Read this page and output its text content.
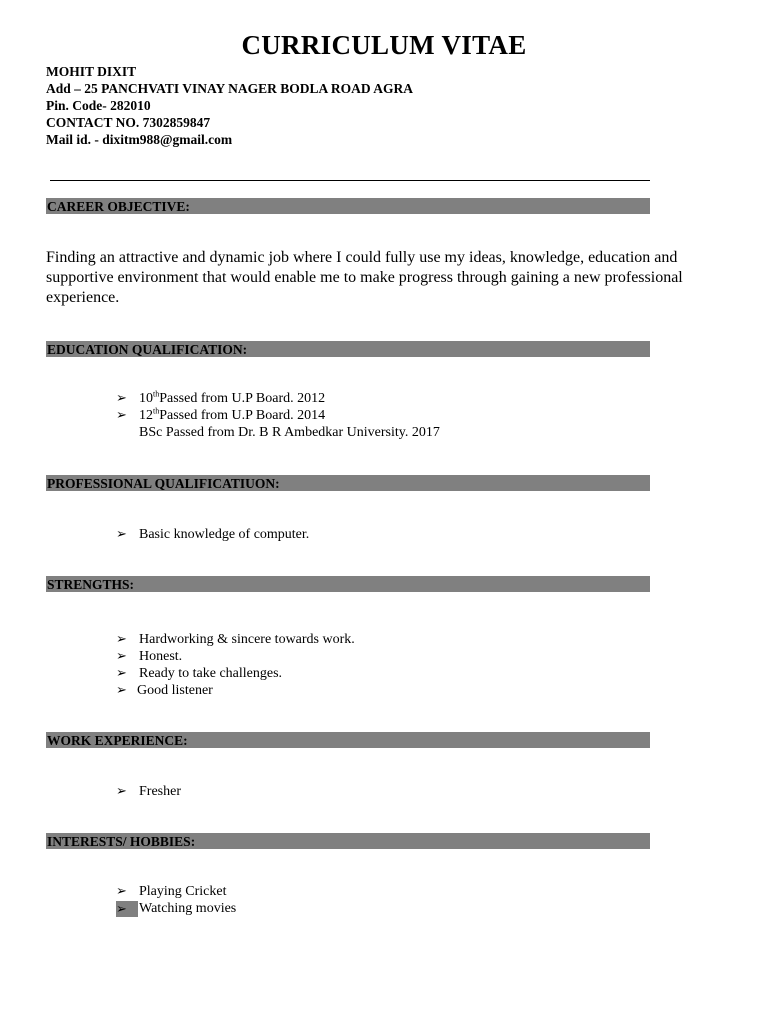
CURRICULUM VITAE
MOHIT DIXIT
Add – 25 PANCHVATI VINAY NAGER BODLA ROAD AGRA
Pin. Code- 282010
CONTACT NO. 7302859847
Mail id. - dixitm988@gmail.com
CAREER OBJECTIVE:
Finding an attractive and dynamic job where I could fully use my ideas, knowledge, education and supportive environment that would enable me to make progress through gaining a new professional experience.
EDUCATION QUALIFICATION:
➢ 10thPassed from U.P Board. 2012
➢ 12thPassed from U.P Board. 2014
BSc Passed from Dr. B R Ambedkar University. 2017
PROFESSIONAL QUALIFICATIUON:
➢ Basic knowledge of computer.
STRENGTHS:
➢ Hardworking & sincere towards work.
➢ Honest.
➢ Ready to take challenges.
➢ Good listener
WORK EXPERIENCE:
➢ Fresher
INTERESTS/ HOBBIES:
➢ Playing Cricket
➢ Watching movies
